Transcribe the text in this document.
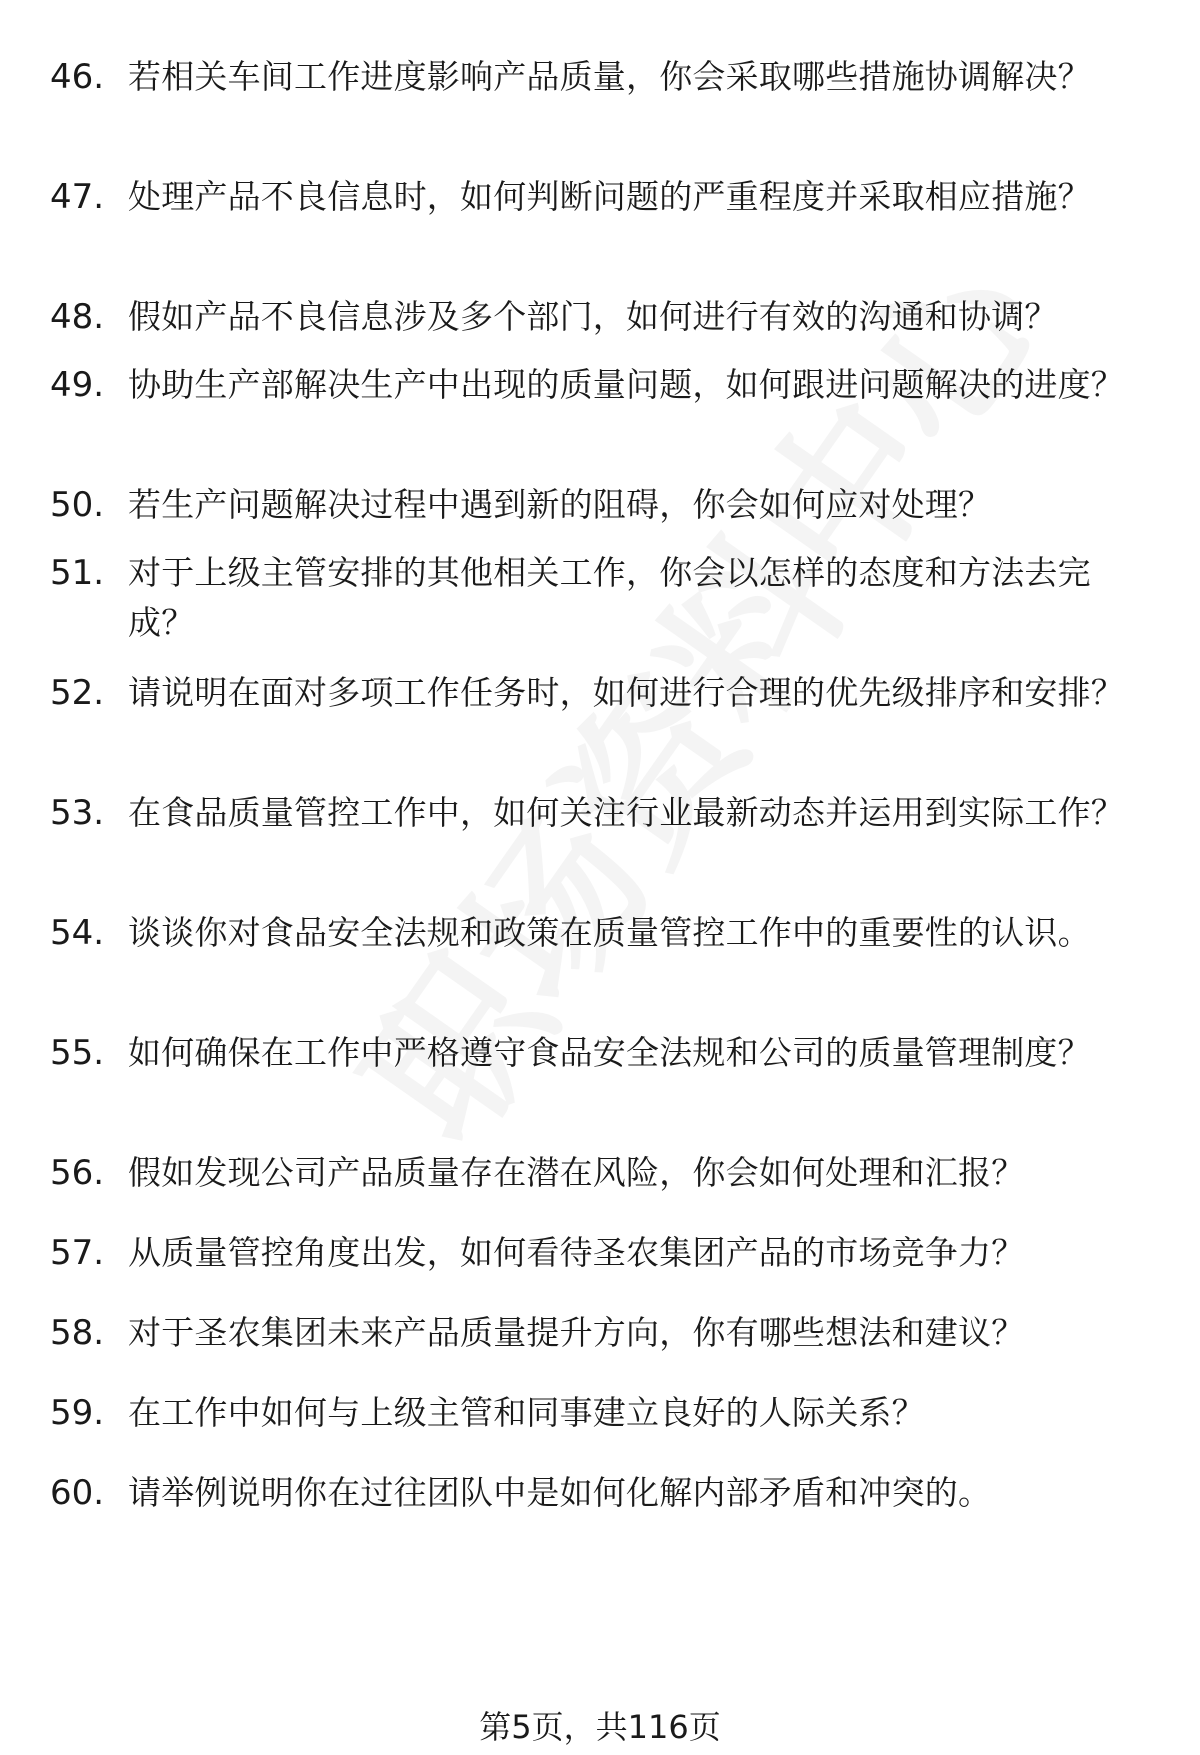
46. 若相关车间工作进度影响产品质量，你会采取哪些措施协调解决？
47. 处理产品不良信息时，如何判断问题的严重程度并采取相应措施？
48. 假如产品不良信息涉及多个部门，如何进行有效的沟通和协调？
49. 协助生产部解决生产中出现的质量问题，如何跟进问题解决的进度？
50. 若生产问题解决过程中遇到新的阻碍，你会如何应对处理？
51. 对于上级主管安排的其他相关工作，你会以怎样的态度和方法去完成？
52. 请说明在面对多项工作任务时，如何进行合理的优先级排序和安排？
53. 在食品质量管控工作中，如何关注行业最新动态并运用到实际工作？
54. 谈谈你对食品安全法规和政策在质量管控工作中的重要性的认识。
55. 如何确保在工作中严格遵守食品安全法规和公司的质量管理制度？
56. 假如发现公司产品质量存在潜在风险，你会如何处理和汇报？
57. 从质量管控角度出发，如何看待圣农集团产品的市场竞争力？
58. 对于圣农集团未来产品质量提升方向，你有哪些想法和建议？
59. 在工作中如何与上级主管和同事建立良好的人际关系？
60. 请举例说明你在过往团队中是如何化解内部矛盾和冲突的。
第5页，共116页
